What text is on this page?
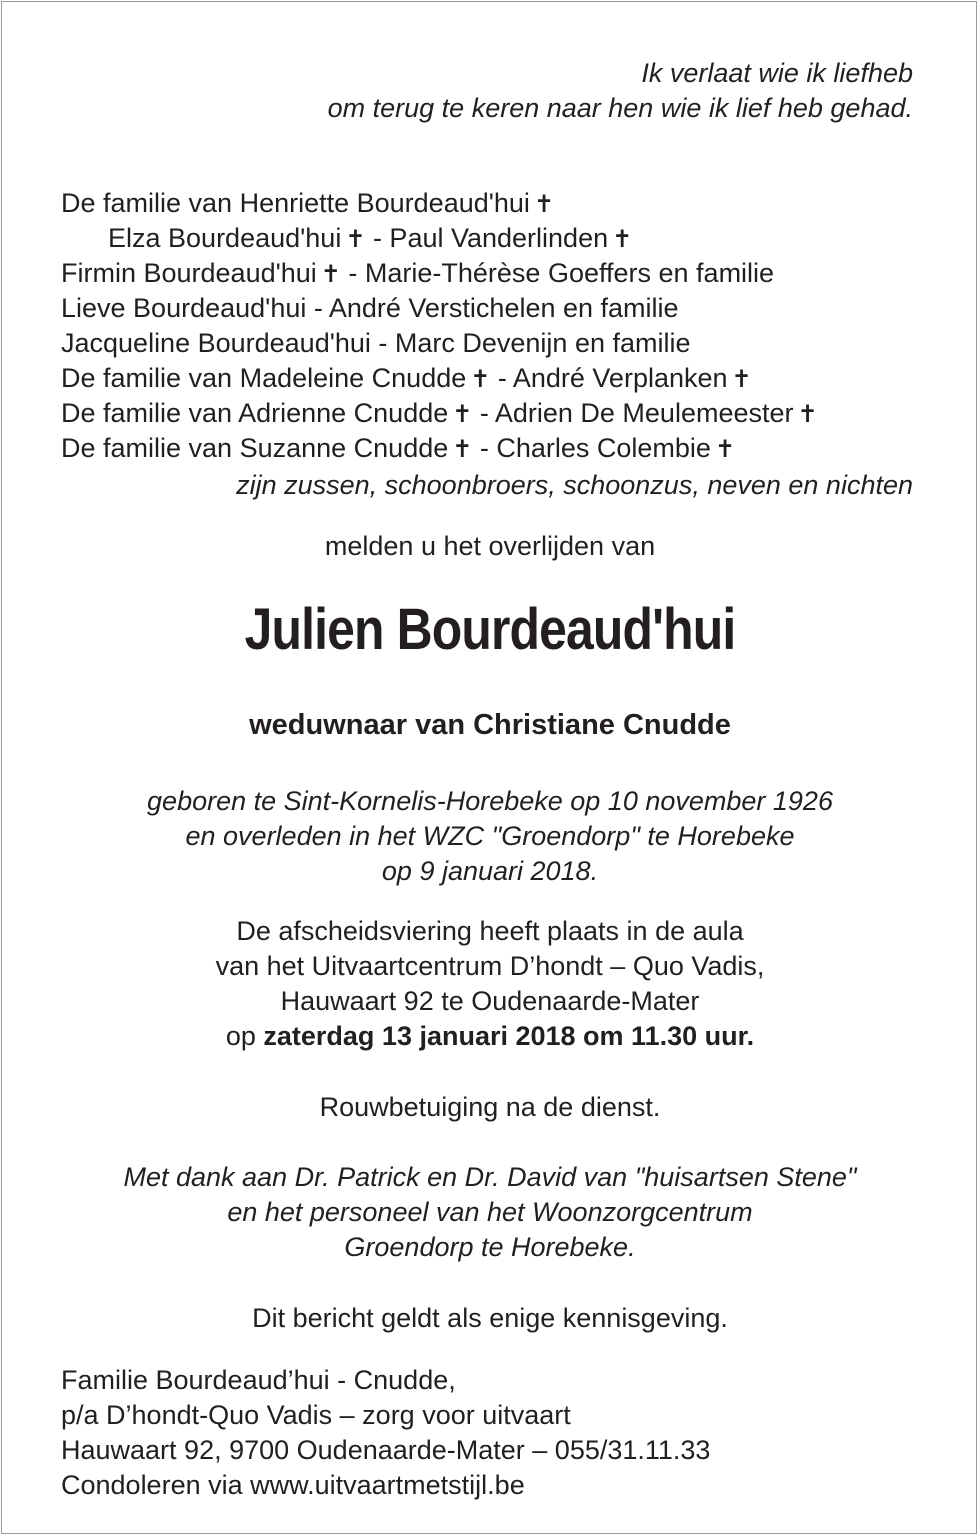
Ik verlaat wie ik liefheb
om terug te keren naar hen wie ik lief heb gehad.
De familie van Henriette Bourdeaud'hui ✝
Elza Bourdeaud'hui ✝ - Paul Vanderlinden ✝
Firmin Bourdeaud'hui ✝ - Marie-Thérèse Goeffers en familie
Lieve Bourdeaud'hui - André Verstichelen en familie
Jacqueline Bourdeaud'hui - Marc Devenijn en familie
De familie van Madeleine Cnudde ✝ - André Verplanken ✝
De familie van Adrienne Cnudde ✝ - Adrien De Meulemeester ✝
De familie van Suzanne Cnudde ✝ - Charles Colembie ✝
zijn zussen, schoonbroers, schoonzus, neven en nichten
melden u het overlijden van
Julien Bourdeaud'hui
weduwnaar van Christiane Cnudde
geboren te Sint-Kornelis-Horebeke op 10 november 1926
en overleden in het WZC "Groendorp" te Horebeke
op 9 januari 2018.
De afscheidsviering heeft plaats in de aula
van het Uitvaartcentrum D’hondt – Quo Vadis,
Hauwaart 92 te Oudenaarde-Mater
op zaterdag 13 januari 2018 om 11.30 uur.
Rouwbetuiging na de dienst.
Met dank aan Dr. Patrick en Dr. David van "huisartsen Stene"
en het personeel van het Woonzorgcentrum
Groendorp te Horebeke.
Dit bericht geldt als enige kennisgeving.
Familie Bourdeaud’hui - Cnudde,
p/a D’hondt-Quo Vadis – zorg voor uitvaart
Hauwaart 92, 9700 Oudenaarde-Mater – 055/31.11.33
Condoleren via www.uitvaartmetstijl.be
